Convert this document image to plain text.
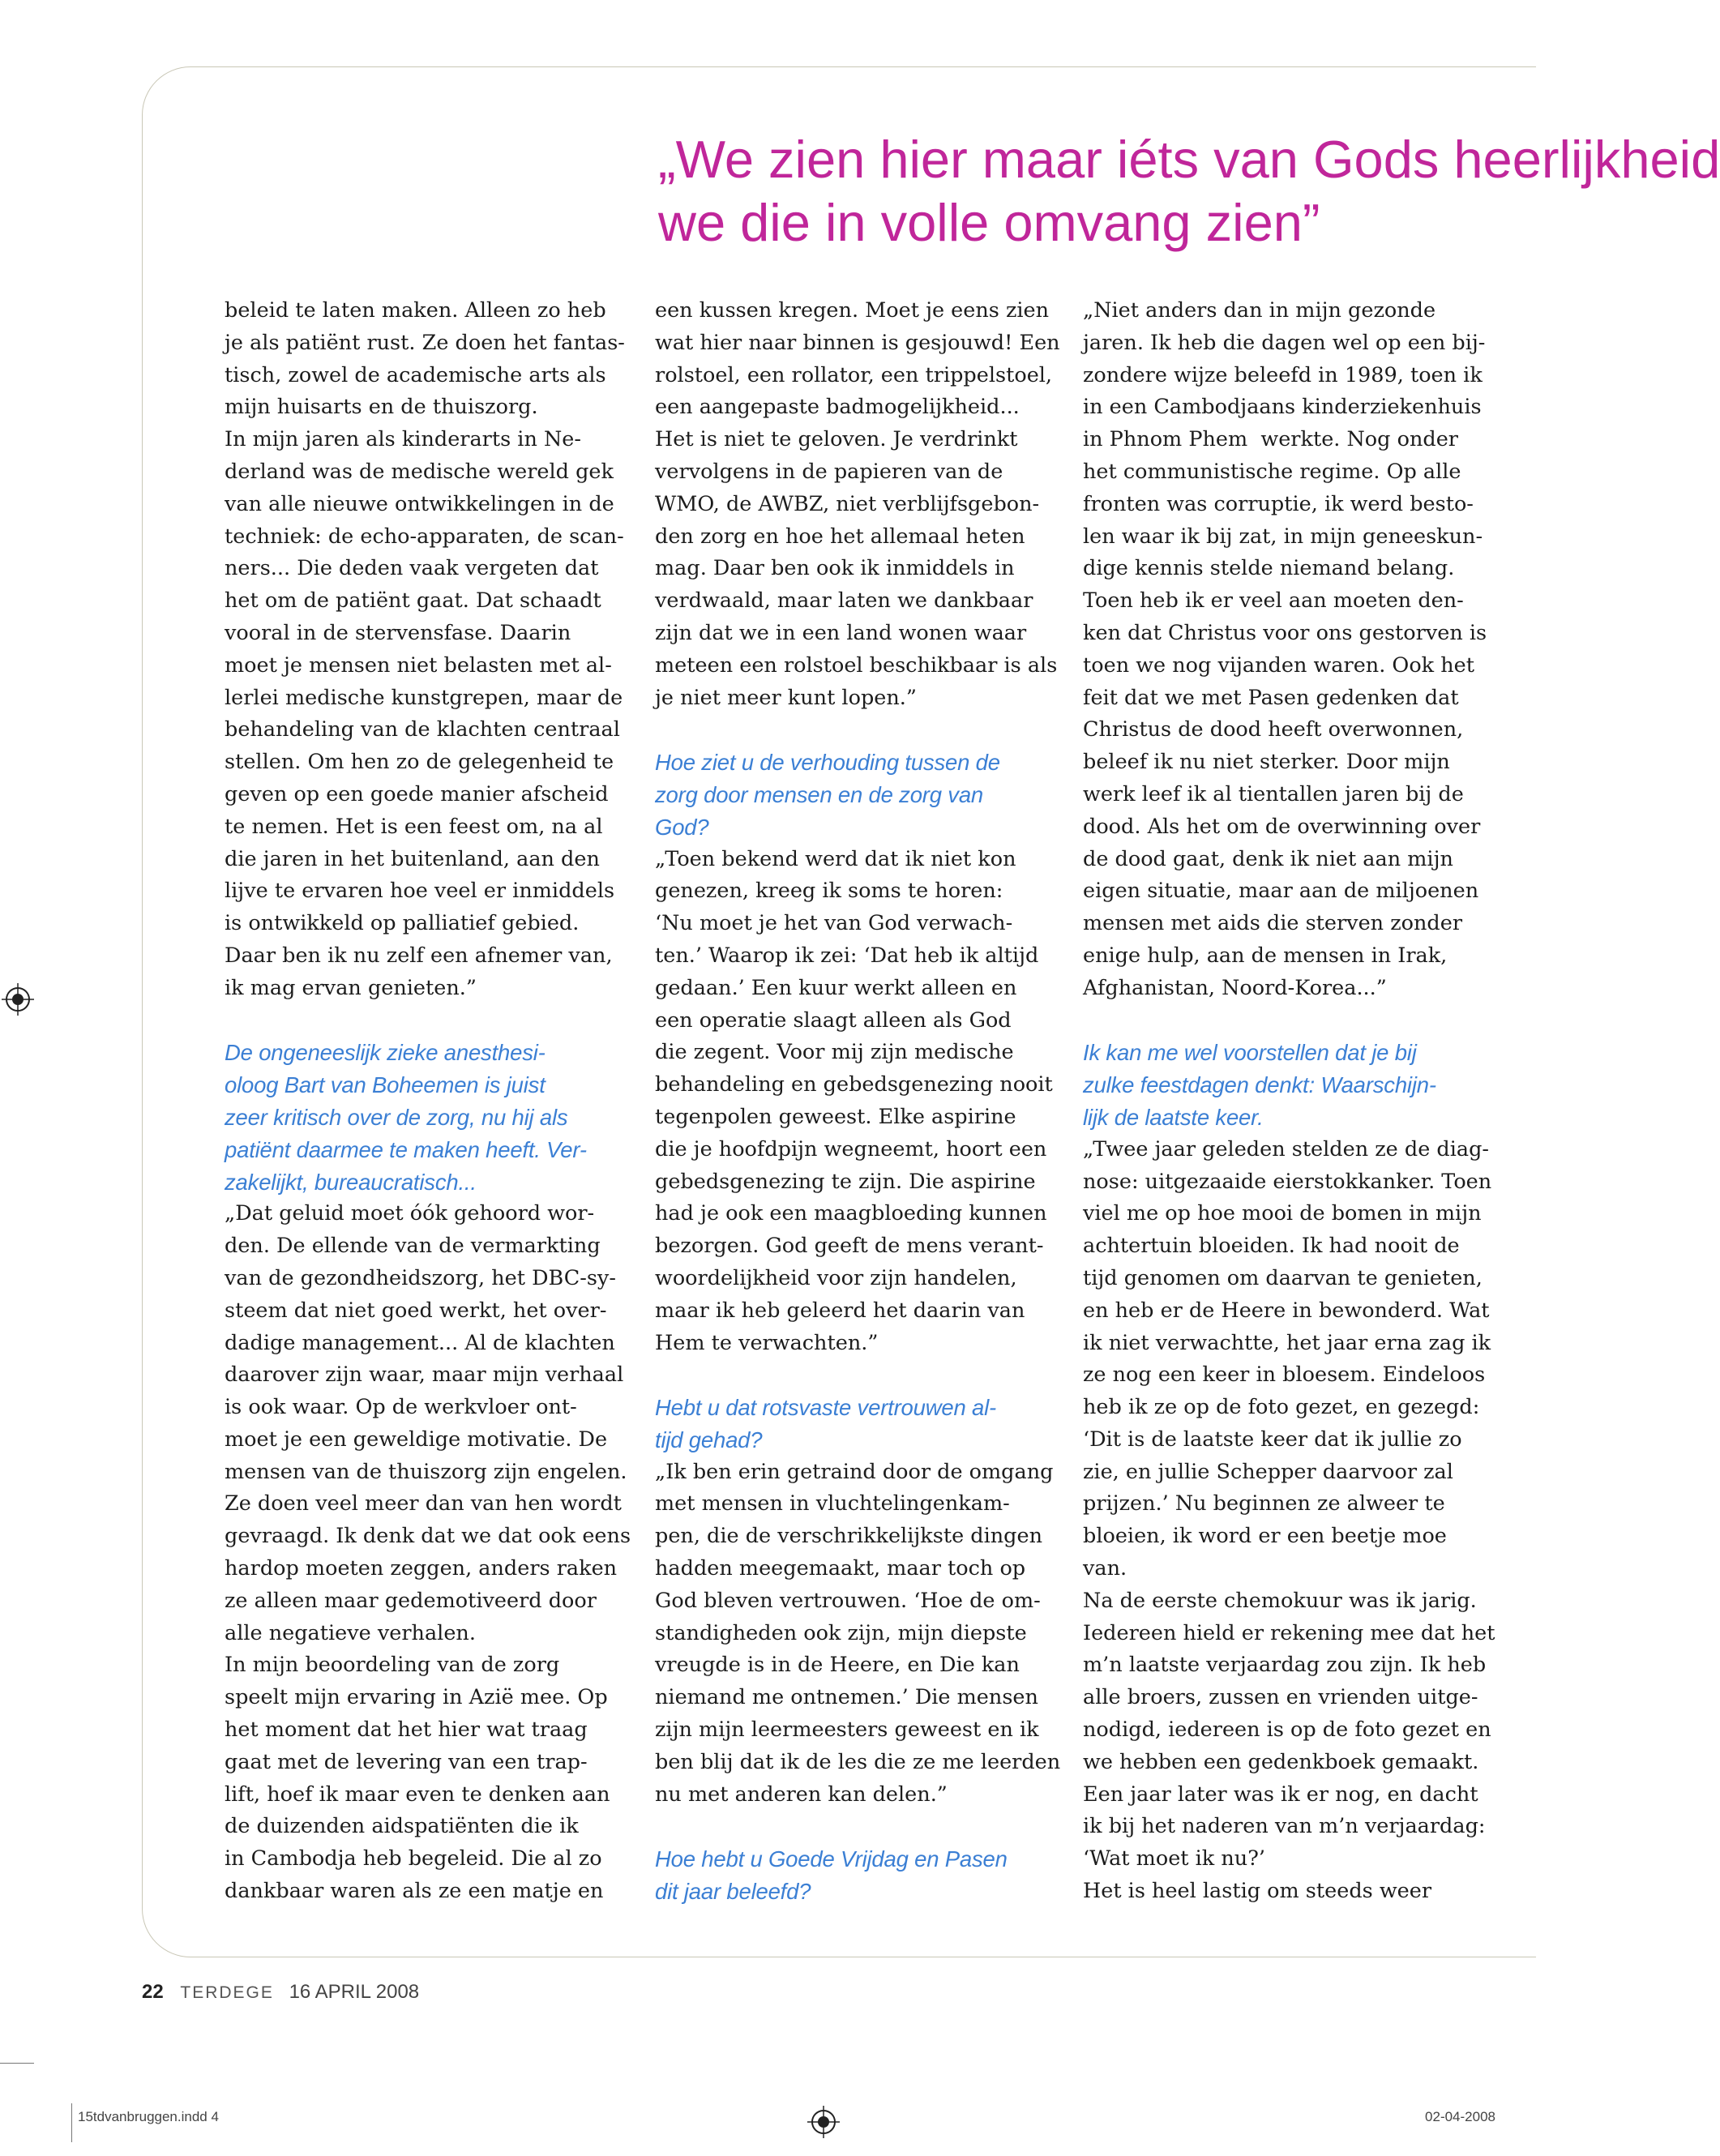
„We zien hier maar iéts van Gods heerlijkheid
we die in volle omvang zien”

beleid te laten maken. Alleen zo heb

je als patiënt rust. Ze doen het fantas-

tisch, zowel de academische arts als

mijn huisarts en de thuiszorg.

In mijn jaren als kinderarts in Ne-

derland was de medische wereld gek

van alle nieuwe ontwikkelingen in de

techniek: de echo-apparaten, de scan-

ners... Die deden vaak vergeten dat

het om de patiënt gaat. Dat schaadt

vooral in de stervensfase. Daarin

moet je mensen niet belasten met al-

lerlei medische kunstgrepen, maar de

behandeling van de klachten centraal

stellen. Om hen zo de gelegenheid te

geven op een goede manier afscheid

te nemen. Het is een feest om, na al

die jaren in het buitenland, aan den

lijve te ervaren hoe veel er inmiddels

is ontwikkeld op palliatief gebied.

Daar ben ik nu zelf een afnemer van,

ik mag ervan genieten.”

De ongeneeslijk zieke anesthesi-

oloog Bart van Boheemen is juist

zeer kritisch over de zorg, nu hij als

patiënt daarmee te maken heeft. Ver-

zakelijkt, bureaucratisch...

„Dat geluid moet óók gehoord wor-

den. De ellende van de vermarkting

van de gezondheidszorg, het DBC-sy-

steem dat niet goed werkt, het over-

dadige management... Al de klachten

daarover zijn waar, maar mijn verhaal

is ook waar. Op de werkvloer ont-

moet je een geweldige motivatie. De

mensen van de thuiszorg zijn engelen.

Ze doen veel meer dan van hen wordt

gevraagd. Ik denk dat we dat ook eens

hardop moeten zeggen, anders raken

ze alleen maar gedemotiveerd door

alle negatieve verhalen.

In mijn beoordeling van de zorg

speelt mijn ervaring in Azië mee. Op

het moment dat het hier wat traag

gaat met de levering van een trap-

lift, hoef ik maar even te denken aan

de duizenden aidspatiënten die ik

in Cambodja heb begeleid. Die al zo

dankbaar waren als ze een matje en

een kussen kregen. Moet je eens zien

wat hier naar binnen is gesjouwd! Een

rolstoel, een rollator, een trippelstoel,

een aangepaste badmogelijkheid...

Het is niet te geloven. Je verdrinkt

vervolgens in de papieren van de

WMO, de AWBZ, niet verblijfsgebon-

den zorg en hoe het allemaal heten

mag. Daar ben ook ik inmiddels in

verdwaald, maar laten we dankbaar

zijn dat we in een land wonen waar

meteen een rolstoel beschikbaar is als

je niet meer kunt lopen.”

Hoe ziet u de verhouding tussen de

zorg door mensen en de zorg van

God?

„Toen bekend werd dat ik niet kon

genezen, kreeg ik soms te horen:

‘Nu moet je het van God verwach-

ten.’ Waarop ik zei: ‘Dat heb ik altijd

gedaan.’ Een kuur werkt alleen en

een operatie slaagt alleen als God

die zegent. Voor mij zijn medische

behandeling en gebedsgenezing nooit

tegenpolen geweest. Elke aspirine

die je hoofdpijn wegneemt, hoort een

gebedsgenezing te zijn. Die aspirine

had je ook een maagbloeding kunnen

bezorgen. God geeft de mens verant-

woordelijkheid voor zijn handelen,

maar ik heb geleerd het daarin van

Hem te verwachten.”

Hebt u dat rotsvaste vertrouwen al-

tijd gehad?

„Ik ben erin getraind door de omgang

met mensen in vluchtelingenkam-

pen, die de verschrikkelijkste dingen

hadden meegemaakt, maar toch op

God bleven vertrouwen. ‘Hoe de om-

standigheden ook zijn, mijn diepste

vreugde is in de Heere, en Die kan

niemand me ontnemen.’ Die mensen

zijn mijn leermeesters geweest en ik

ben blij dat ik de les die ze me leerden

nu met anderen kan delen.”

Hoe hebt u Goede Vrijdag en Pasen

dit jaar beleefd?

„Niet anders dan in mijn gezonde

jaren. Ik heb die dagen wel op een bij-

zondere wijze beleefd in 1989, toen ik

in een Cambodjaans kinderziekenhuis

in Phnom Phem  werkte. Nog onder

het communistische regime. Op alle

fronten was corruptie, ik werd besto-

len waar ik bij zat, in mijn geneeskun-

dige kennis stelde niemand belang.

Toen heb ik er veel aan moeten den-

ken dat Christus voor ons gestorven is

toen we nog vijanden waren. Ook het

feit dat we met Pasen gedenken dat

Christus de dood heeft overwonnen,

beleef ik nu niet sterker. Door mijn

werk leef ik al tientallen jaren bij de

dood. Als het om de overwinning over

de dood gaat, denk ik niet aan mijn

eigen situatie, maar aan de miljoenen

mensen met aids die sterven zonder

enige hulp, aan de mensen in Irak,

Afghanistan, Noord-Korea...”

Ik kan me wel voorstellen dat je bij

zulke feestdagen denkt: Waarschijn-

lijk de laatste keer.

„Twee jaar geleden stelden ze de diag-

nose: uitgezaaide eierstokkanker. Toen

viel me op hoe mooi de bomen in mijn

achtertuin bloeiden. Ik had nooit de

tijd genomen om daarvan te genieten,

en heb er de Heere in bewonderd. Wat

ik niet verwachtte, het jaar erna zag ik

ze nog een keer in bloesem. Eindeloos

heb ik ze op de foto gezet, en gezegd:

‘Dit is de laatste keer dat ik jullie zo

zie, en jullie Schepper daarvoor zal

prijzen.’ Nu beginnen ze alweer te

bloeien, ik word er een beetje moe

van.

Na de eerste chemokuur was ik jarig.

Iedereen hield er rekening mee dat het

m’n laatste verjaardag zou zijn. Ik heb

alle broers, zussen en vrienden uitge-

nodigd, iedereen is op de foto gezet en

we hebben een gedenkboek gemaakt.

Een jaar later was ik er nog, en dacht

ik bij het naderen van m’n verjaardag:

‘Wat moet ik nu?’

Het is heel lastig om steeds weer

22 TERDEGE 16 APRIL 2008
15tdvanbruggen.indd 4	02-04-2008
